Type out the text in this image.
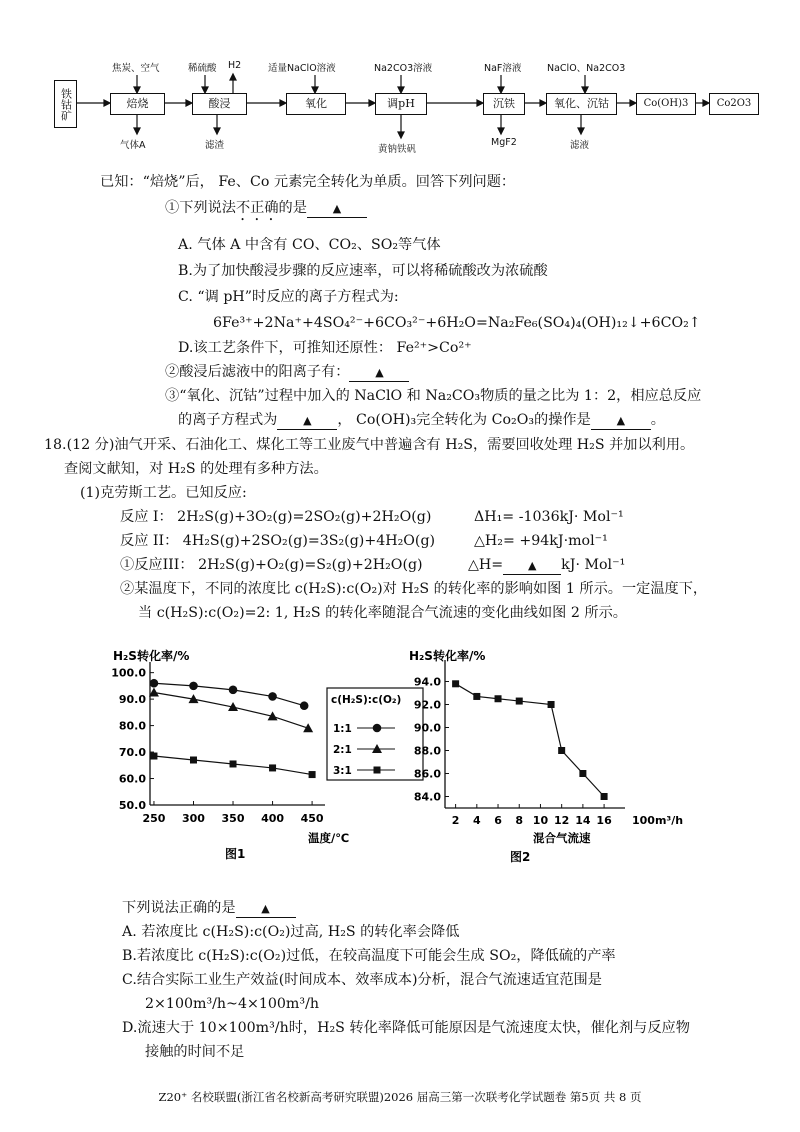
铁钴矿	焙烧	酸浸	氧化	调pH	沉铁	氧化、沉钴	Co(OH)3	Co2O3
焦炭、空气	稀硫酸 H2	适量NaClO溶液	Na2CO3溶液	NaF溶液	NaClO、Na2CO3
气体A	滤渣	黄钠铁矾
MgF2	滤液
已知：“焙烧”后， Fe、Co 元素完全转化为单质。回答下列问题：
①下列说法不正确的是 ▲
A. 气体 A 中含有 CO、CO₂、SO₂等气体
B.为了加快酸浸步骤的反应速率，可以将稀硫酸改为浓硫酸
C. “调 pH”时反应的离子方程式为:
6Fe³⁺+2Na⁺+4SO₄²⁻+6CO₃²⁻+6H₂O=Na₂Fe₆(SO₄)₄(OH)₁₂↓+6CO₂↑
D.该工艺条件下，可推知还原性： Fe²⁺>Co²⁺
②酸浸后滤液中的阳离子有： ▲
③“氧化、沉钴”过程中加入的 NaClO 和 Na₂CO₃物质的量之比为 1：2，相应总反应
的离子方程式为 ▲ ， Co(OH)₃完全转化为 Co₂O₃的操作是 ▲ 。
18.(12 分)油气开采、石油化工、煤化工等工业废气中普遍含有 H₂S，需要回收处理 H₂S 并加以利用。
查阅文献知，对 H₂S 的处理有多种方法。
(1)克劳斯工艺。已知反应:
反应 I： 2H₂S(g)+3O₂(g)=2SO₂(g)+2H₂O(g)	ΔH₁= -1036kJ· Mol⁻¹
反应 II： 4H₂S(g)+2SO₂(g)=3S₂(g)+4H₂O(g)	△H₂= +94kJ·mol⁻¹
①反应III： 2H₂S(g)+O₂(g)=S₂(g)+2H₂O(g)	△H= ▲ kJ· Mol⁻¹
②某温度下，不同的浓度比 c(H₂S):c(O₂)对 H₂S 的转化率的影响如图 1 所示。一定温度下，
当 c(H₂S):c(O₂)=2: 1, H₂S 的转化率随混合气流速的变化曲线如图 2 所示。
H₂S转化率/%
50.0
60.0
70.0
80.0
90.0
100.0
250 300 350 400 450
温度/℃
图1
c(H₂S):c(O₂)
1:1
2:1
3:1
H₂S转化率/%
84.0
86.0
88.0
90.0
92.0
94.0
2 4 6 8 10 12 14 16 100m³/h
混合气流速
图2
下列说法正确的是 ▲
A. 若浓度比 c(H₂S):c(O₂)过高, H₂S 的转化率会降低
B.若浓度比 c(H₂S):c(O₂)过低，在较高温度下可能会生成 SO₂，降低硫的产率
C.结合实际工业生产效益(时间成本、效率成本)分析，混合气流速适宜范围是
2×100m³/h~4×100m³/h
D.流速大于 10×100m³/h时，H₂S 转化率降低可能原因是气流速度太快，催化剂与反应物
接触的时间不足
Z20⁺ 名校联盟(浙江省名校新高考研究联盟)2026 届高三第一次联考化学试题卷 第5页 共 8 页
